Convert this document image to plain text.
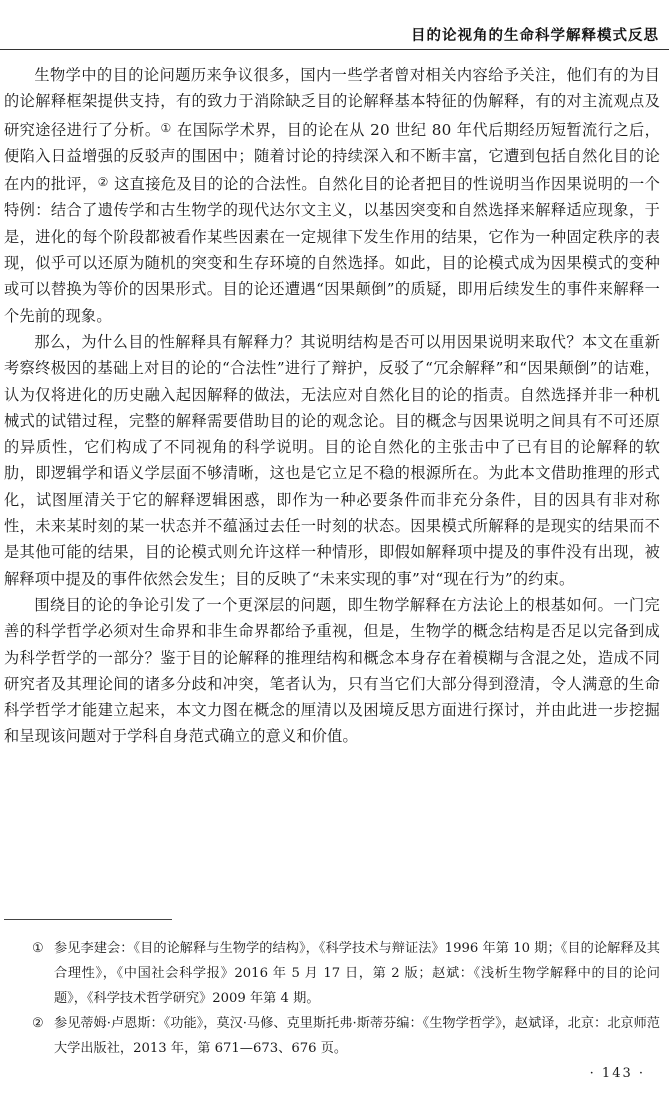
目的论视角的生命科学解释模式反思

生物学中的目的论问题历来争议很多，国内一些学者曾对相关内容给予关注，他们有的为目的论解释框架提供支持，有的致力于消除缺乏目的论解释基本特征的伪解释，有的对主流观点及研究途径进行了分析。① 在国际学术界，目的论在从 20 世纪 80 年代后期经历短暂流行之后，便陷入日益增强的反驳声的围困中；随着讨论的持续深入和不断丰富，它遭到包括自然化目的论在内的批评，② 这直接危及目的论的合法性。自然化目的论者把目的性说明当作因果说明的一个特例：结合了遗传学和古生物学的现代达尔文主义，以基因突变和自然选择来解释适应现象，于是，进化的每个阶段都被看作某些因素在一定规律下发生作用的结果，它作为一种固定秩序的表现，似乎可以还原为随机的突变和生存环境的自然选择。如此，目的论模式成为因果模式的变种或可以替换为等价的因果形式。目的论还遭遇“因果颠倒”的质疑，即用后续发生的事件来解释一个先前的现象。

那么，为什么目的性解释具有解释力？其说明结构是否可以用因果说明来取代？本文在重新考察终极因的基础上对目的论的“合法性”进行了辩护，反驳了“冗余解释”和“因果颠倒”的诘难，认为仅将进化的历史融入起因解释的做法，无法应对自然化目的论的指责。自然选择并非一种机械式的试错过程，完整的解释需要借助目的论的观念论。目的概念与因果说明之间具有不可还原的异质性，它们构成了不同视角的科学说明。目的论自然化的主张击中了已有目的论解释的软肋，即逻辑学和语义学层面不够清晰，这也是它立足不稳的根源所在。为此本文借助推理的形式化，试图厘清关于它的解释逻辑困惑，即作为一种必要条件而非充分条件，目的因具有非对称性，未来某时刻的某一状态并不蕴涵过去任一时刻的状态。因果模式所解释的是现实的结果而不是其他可能的结果，目的论模式则允许这样一种情形，即假如解释项中提及的事件没有出现，被解释项中提及的事件依然会发生；目的反映了“未来实现的事”对“现在行为”的约束。

围绕目的论的争论引发了一个更深层的问题，即生物学解释在方法论上的根基如何。一门完善的科学哲学必须对生命界和非生命界都给予重视，但是，生物学的概念结构是否足以完备到成为科学哲学的一部分？鉴于目的论解释的推理结构和概念本身存在着模糊与含混之处，造成不同研究者及其理论间的诸多分歧和冲突，笔者认为，只有当它们大部分得到澄清，令人满意的生命科学哲学才能建立起来，本文力图在概念的厘清以及困境反思方面进行探讨，并由此进一步挖掘和呈现该问题对于学科自身范式确立的意义和价值。

① 参见李建会：《目的论解释与生物学的结构》，《科学技术与辩证法》1996 年第 10 期；《目的论解释及其合理性》，《中国社会科学报》2016 年 5 月 17 日，第 2 版；赵斌：《浅析生物学解释中的目的论问题》，《科学技术哲学研究》2009 年第 4 期。

② 参见蒂姆·卢恩斯：《功能》，莫汉·马修、克里斯托弗·斯蒂芬编：《生物学哲学》，赵斌译，北京：北京师范大学出版社，2013 年，第 671—673、676 页。

· 143 ·
